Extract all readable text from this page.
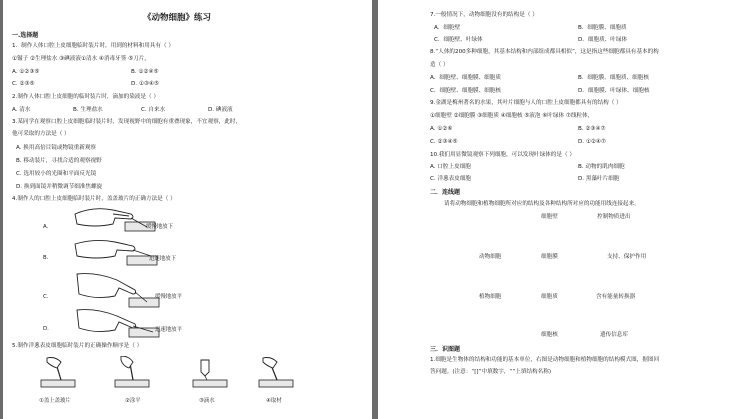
《动物细胞》练习
一.选择题
1．制作人体口腔上皮细胞临时装片时，用到的材料和用具有（ ）
①镊子 ②生理盐水 ③碘液液①清水 ④消毒牙签 ⑤刀片，
A. ①②③⑤	B. ①②④⑤
C. ②③⑤	D. ①③④⑤
2.制作人体口腔上皮细胞的临时装片时，滴加的染液是（ ）
A. 清水	B. 生理盐水	C. 自来水	D. 碘液液
3.某同学在观察口腔上皮细胞临时装片时，发现视野中的细胞有重叠现象，不宜观察，此时，
他可采取的方法是（ ）
A. 换用高倍目镜或物镜重新观察
B. 移动装片，寻找合适的观察视野
C. 选用较小的光圈和平面反光镜
D. 换到面镜并稍微调节细准焦螺旋
4.制作人的口腔上皮细胞临时装片时，盖盖玻片的正确方法是（ ）
A.	缓慢地放下
B.	迅速地放下
C.	缓慢地放平
D.	迅速地放平
5.制作洋葱表皮细胞临时装片的正确操作顺序是（ ）
①盖上盖玻片	②涂平	③滴水	④取材
7.一般情况下，动物细胞没有的结构是（ ）
A．细胞壁	B．细胞膜、细胞质
C．细胞壁、叶绿体	D．细胞质、叶绿体
8.“人体的200多种细胞，其基本结构和内部组成都具相似”，这是指这些细胞都具有基本的构
造（ ）
A．细胞壁、细胞膜、细胞质	B．细胞膜、细胞质、细胞核
C．细胞壁、细胞膜、细胞核	D．细胞膜、叶绿体、细胞核
9.金湖是梅州著名的水果，其叶片细胞与人的口腔上皮细胞都具有的结构（ ）
①细胞壁 ②细胞膜 ③细胞质 ④细胞核 ⑤液泡 ⑥叶绿体 ⑦线粒体，
A. ①②⑥	B. ②③④⑦
C. ②③④⑤	D. ①②④⑦
10.我们用显微镜观察下列细胞，可以发现叶绿体的是（ ）
A. 口腔上皮细胞	B. 动物的肌肉细胞
C. 洋葱表皮细胞	D. 黑藻叶片细胞
二．连线题
请将动物细胞和植物细胞所对应的结构及各种结构所对应的功能用线连接起来。
细胞壁	控制物质进出
动物细胞	细胞膜	支持、保护作用
植物细胞	细胞质	含有能量转换器
细胞核	遗传信息库
三．识图题
1.细胞是生物体的结构和功能的基本单位，右图是动物细胞和植物细胞的结构模式图，据图回
答问题。(注意：“[]”中填数字，“”上填结构名称)
